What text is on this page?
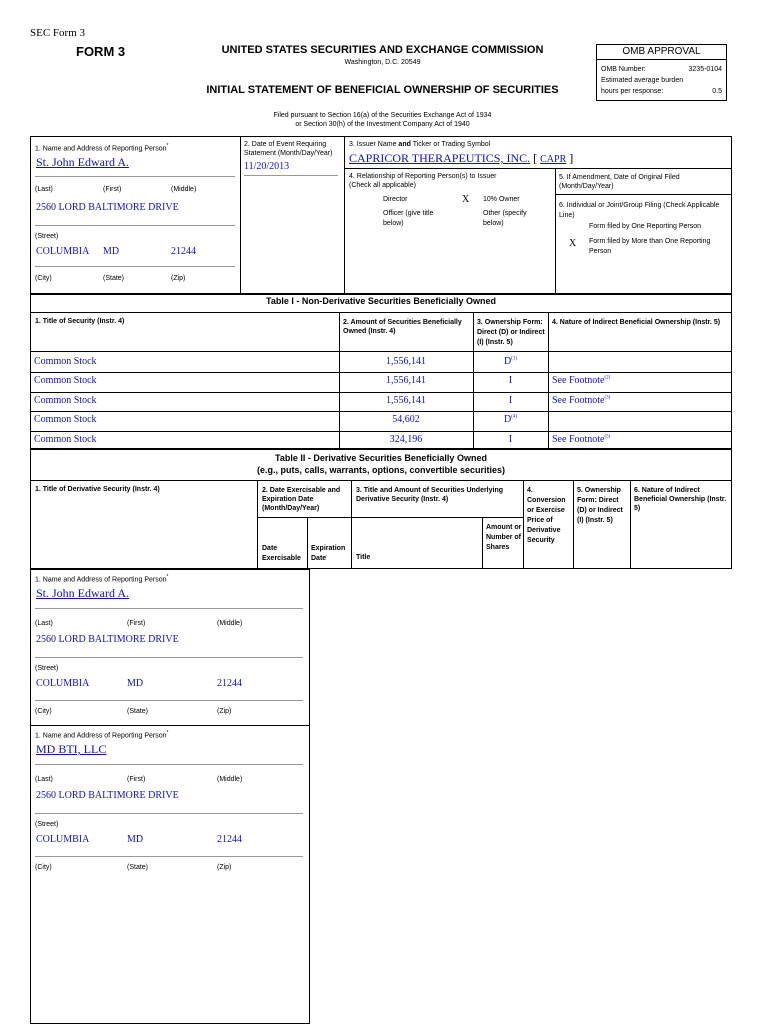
SEC Form 3
FORM 3	UNITED STATES SECURITIES AND EXCHANGE COMMISSION
Washington, D.C. 20549
INITIAL STATEMENT OF BENEFICIAL OWNERSHIP OF SECURITIES
OMB APPROVAL
OMB Number:	3235-0104
Estimated average burden
hours per response:	0.5
Filed pursuant to Section 16(a) of the Securities Exchange Act of 1934
or Section 30(h) of the Investment Company Act of 1940
1. Name and Address of Reporting Person*
St. John Edward A.
(Last)	(First)	(Middle)
2560 LORD BALTIMORE DRIVE
(Street)
COLUMBIA MD	21244
(City)	(State)	(Zip)
2. Date of Event Requiring Statement (Month/Day/Year)
11/20/2013
3. Issuer Name and Ticker or Trading Symbol
CAPRICOR THERAPEUTICS, INC. [ CAPR ]
4. Relationship of Reporting Person(s) to Issuer
(Check all applicable)
Director	X 10% Owner
Officer (give title below)
Other (specify below)
5. If Amendment, Date of Original Filed (Month/Day/Year)
6. Individual or Joint/Group Filing (Check Applicable Line)
Form filed by One Reporting Person
X Form filed by More than One Reporting Person
Table I - Non-Derivative Securities Beneficially Owned
1. Title of Security (Instr. 4)	2. Amount of Securities Beneficially Owned (Instr. 4)
3. Ownership Form: Direct (D) or Indirect (I) (Instr. 5)
4. Nature of Indirect Beneficial Ownership (Instr. 5)
Common Stock	1,556,141	$D^{(1)}$
Common Stock	1,556,141	I	See Footnote$^{(2)}$
Common Stock	1,556,141	I	See Footnote$^{(3)}$
Common Stock	54,602	$D^{(4)}$
Common Stock	324,196	I	See Footnote$^{(5)}$
Table II - Derivative Securities Beneficially Owned
(e.g., puts, calls, warrants, options, convertible securities)
1. Title of Derivative Security (Instr. 4)	2. Date Exercisable and Expiration Date (Month/Day/Year)
3. Title and Amount of Securities Underlying Derivative Security (Instr. 4)
4. Conversion or Exercise Price of Derivative Security
5. Ownership Form: Direct (D) or Indirect (I) (Instr. 5)
6. Nature of Indirect Beneficial Ownership (Instr. 5)
Date Exercisable
Expiration Date	Title
Amount or Number of Shares
1. Name and Address of Reporting Person*
St. John Edward A.
(Last)	(First)	(Middle)
2560 LORD BALTIMORE DRIVE
(Street)
COLUMBIA	MD	21244
(City)	(State)	(Zip)
1. Name and Address of Reporting Person*
MD BTI, LLC
(Last)	(First)	(Middle)
2560 LORD BALTIMORE DRIVE
(Street)
COLUMBIA	MD	21244
(City)	(State)	(Zip)
